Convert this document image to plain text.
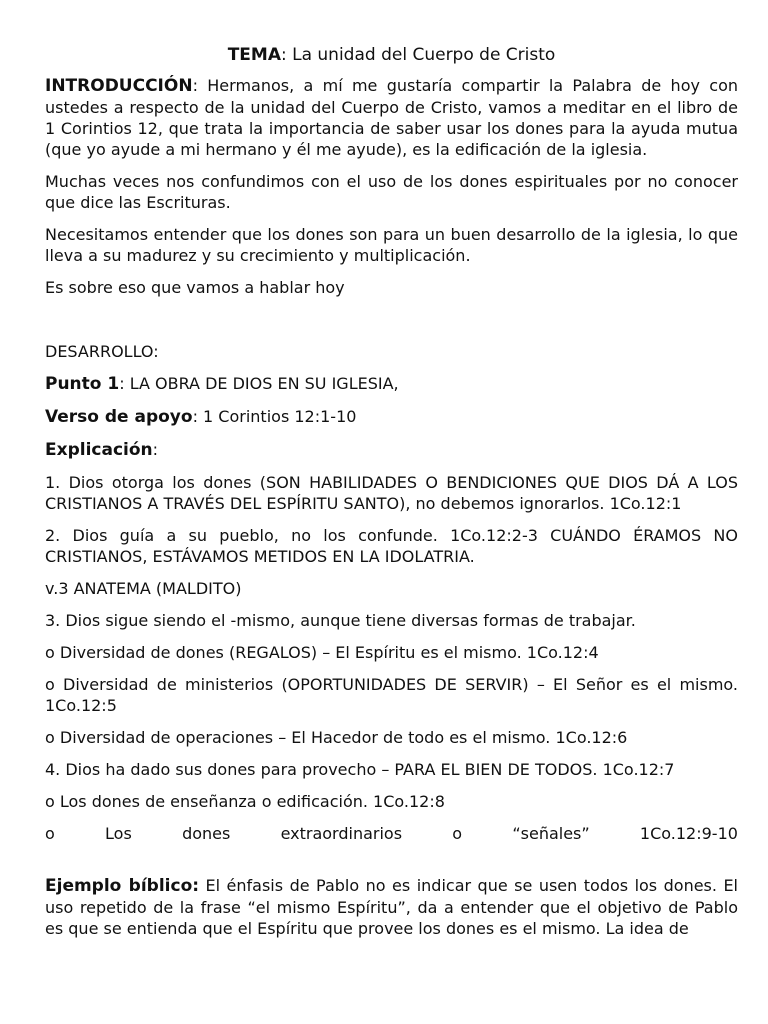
TEMA: La unidad del Cuerpo de Cristo

INTRODUCCIÓN: Hermanos, a mí me gustaría compartir la Palabra de hoy con ustedes a respecto de la unidad del Cuerpo de Cristo, vamos a meditar en el libro de 1 Corintios 12, que trata la importancia de saber usar los dones para la ayuda mutua (que yo ayude a mi hermano y él me ayude), es la edificación de la iglesia.

Muchas veces nos confundimos con el uso de los dones espirituales por no conocer que dice las Escrituras.

Necesitamos entender que los dones son para un buen desarrollo de la iglesia, lo que lleva a su madurez y su crecimiento y multiplicación.

Es sobre eso que vamos a hablar hoy

DESARROLLO:

Punto 1: LA OBRA DE DIOS EN SU IGLESIA,

Verso de apoyo: 1 Corintios 12:1-10

Explicación:

1. Dios otorga los dones (SON HABILIDADES O BENDICIONES QUE DIOS DÁ A LOS CRISTIANOS A TRAVÉS DEL ESPÍRITU SANTO), no debemos ignorarlos. 1Co.12:1

2. Dios guía a su pueblo, no los confunde. 1Co.12:2-3 CUÁNDO ÉRAMOS NO CRISTIANOS, ESTÁVAMOS METIDOS EN LA IDOLATRIA.

v.3 ANATEMA (MALDITO)

3. Dios sigue siendo el -mismo, aunque tiene diversas formas de trabajar.

o Diversidad de dones (REGALOS) – El Espíritu es el mismo. 1Co.12:4

o Diversidad de ministerios (OPORTUNIDADES DE SERVIR) – El Señor es el mismo. 1Co.12:5

o Diversidad de operaciones – El Hacedor de todo es el mismo. 1Co.12:6

4. Dios ha dado sus dones para provecho – PARA EL BIEN DE TODOS. 1Co.12:7

o Los dones de enseñanza o edificación. 1Co.12:8

o	Los	dones	extraordinarios	o	“señales”	1Co.12:9-10

Ejemplo bíblico: El énfasis de Pablo no es indicar que se usen todos los dones. El uso repetido de la frase “el mismo Espíritu”, da a entender que el objetivo de Pablo es que se entienda que el Espíritu que provee los dones es el mismo. La idea de
